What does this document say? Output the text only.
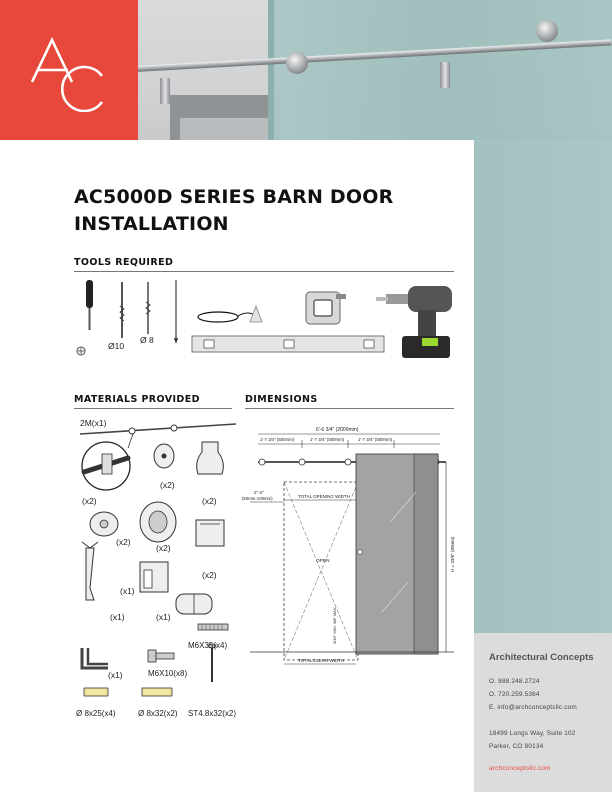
AC5000D SERIES BARN DOOR
INSTALLATION
TOOLS REQUIRED
Ø10
Ø 8
MATERIALS PROVIDED
2M(x1)
(x2)
(x2)
(x2)
(x2)
(x2)
(x2)
(x1)
(x1)	(x1)
M6X35(x4)
(x1)	M6X10(x8)
Ø 8x25(x4)	Ø 8x32(x2) ST4.8x32(x2)
DIMENSIONS
6'-6 3/4" (2000mm)
1'-7 3/4" (500mm)	1'-7 3/4" (500mm)	1'-7 3/4" (500mm)
2"-4"
(50mm-100mm)	TOTAL OPENING WIDTH
OPEN	H = 33/8" (80mm)
3/16" MIN. 3/8" MAX.
TOTAL CLEAR WIDTH	Architectural Concepts
O. 888.248.2724
O. 720.259.5364
E. info@archconceptsllc.com
18499 Longs Way, Suite 102
Parker, CO 80134
archconceptsllc.com
